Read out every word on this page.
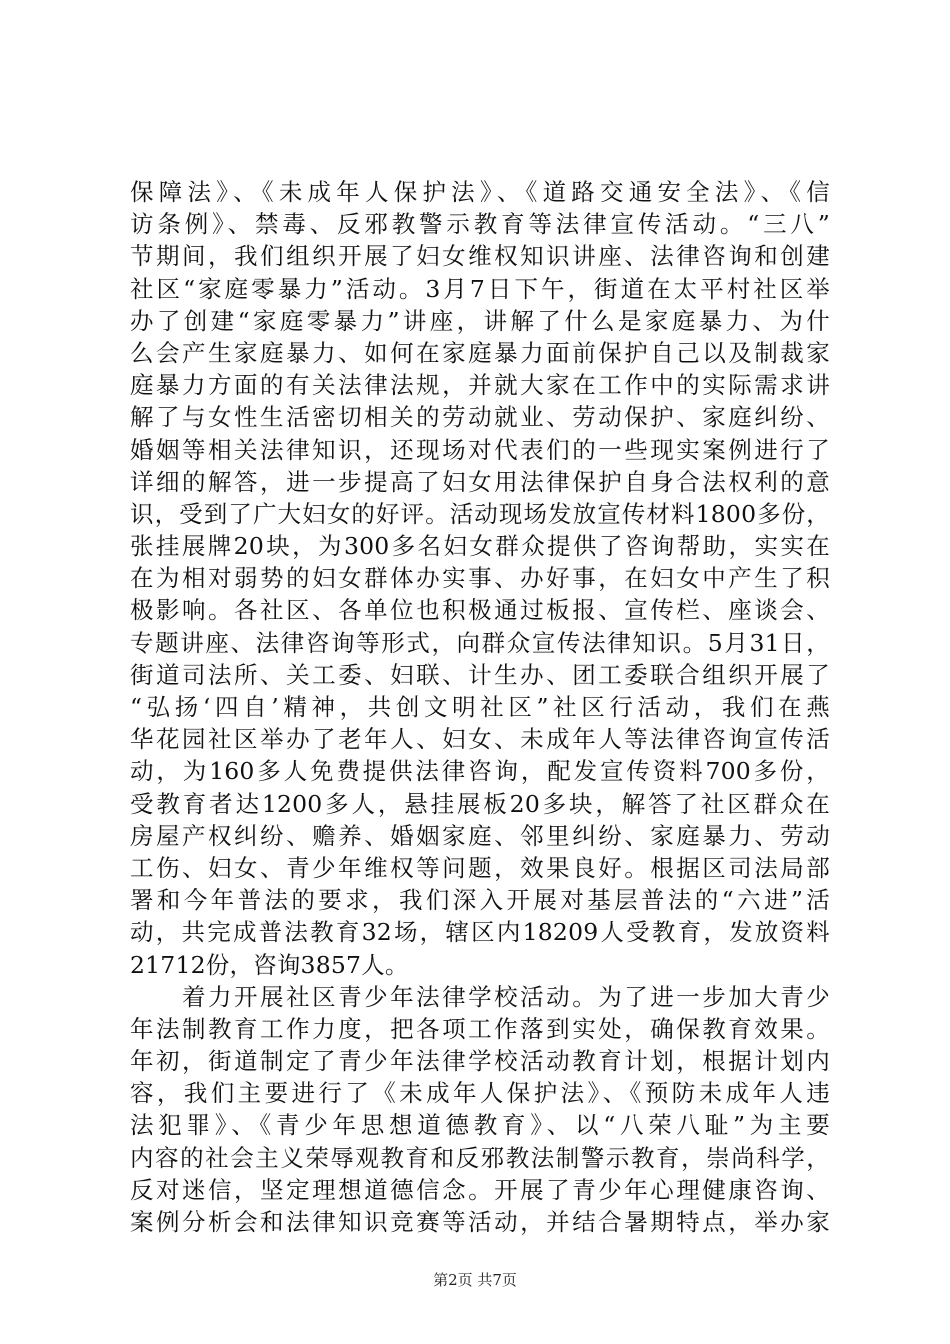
保障法》、《未成年人保护法》、《道路交通安全法》、《信
访条例》、禁毒、反邪教警示教育等法律宣传活动。“三八”
节期间，我们组织开展了妇女维权知识讲座、法律咨询和创建
社区“家庭零暴力”活动。3月7日下午，街道在太平村社区举
办了创建“家庭零暴力”讲座，讲解了什么是家庭暴力、为什
么会产生家庭暴力、如何在家庭暴力面前保护自己以及制裁家
庭暴力方面的有关法律法规，并就大家在工作中的实际需求讲
解了与女性生活密切相关的劳动就业、劳动保护、家庭纠纷、
婚姻等相关法律知识，还现场对代表们的一些现实案例进行了
详细的解答，进一步提高了妇女用法律保护自身合法权利的意
识，受到了广大妇女的好评。活动现场发放宣传材料1800多份，
张挂展牌20块，为300多名妇女群众提供了咨询帮助，实实在
在为相对弱势的妇女群体办实事、办好事，在妇女中产生了积
极影响。各社区、各单位也积极通过板报、宣传栏、座谈会、
专题讲座、法律咨询等形式，向群众宣传法律知识。5月31日，
街道司法所、关工委、妇联、计生办、团工委联合组织开展了
“弘扬‘四自’精神，共创文明社区”社区行活动，我们在燕
华花园社区举办了老年人、妇女、未成年人等法律咨询宣传活
动，为160多人免费提供法律咨询，配发宣传资料700多份，
受教育者达1200多人，悬挂展板20多块，解答了社区群众在
房屋产权纠纷、赡养、婚姻家庭、邻里纠纷、家庭暴力、劳动
工伤、妇女、青少年维权等问题，效果良好。根据区司法局部
署和今年普法的要求，我们深入开展对基层普法的“六进”活
动，共完成普法教育32场，辖区内18209人受教育，发放资料
21712份，咨询3857人。
　　着力开展社区青少年法律学校活动。为了进一步加大青少
年法制教育工作力度，把各项工作落到实处，确保教育效果。
年初，街道制定了青少年法律学校活动教育计划，根据计划内
容，我们主要进行了《未成年人保护法》、《预防未成年人违
法犯罪》、《青少年思想道德教育》、以“八荣八耻”为主要
内容的社会主义荣辱观教育和反邪教法制警示教育，崇尚科学，
反对迷信，坚定理想道德信念。开展了青少年心理健康咨询、
案例分析会和法律知识竞赛等活动，并结合暑期特点，举办家
第2页 共7页
